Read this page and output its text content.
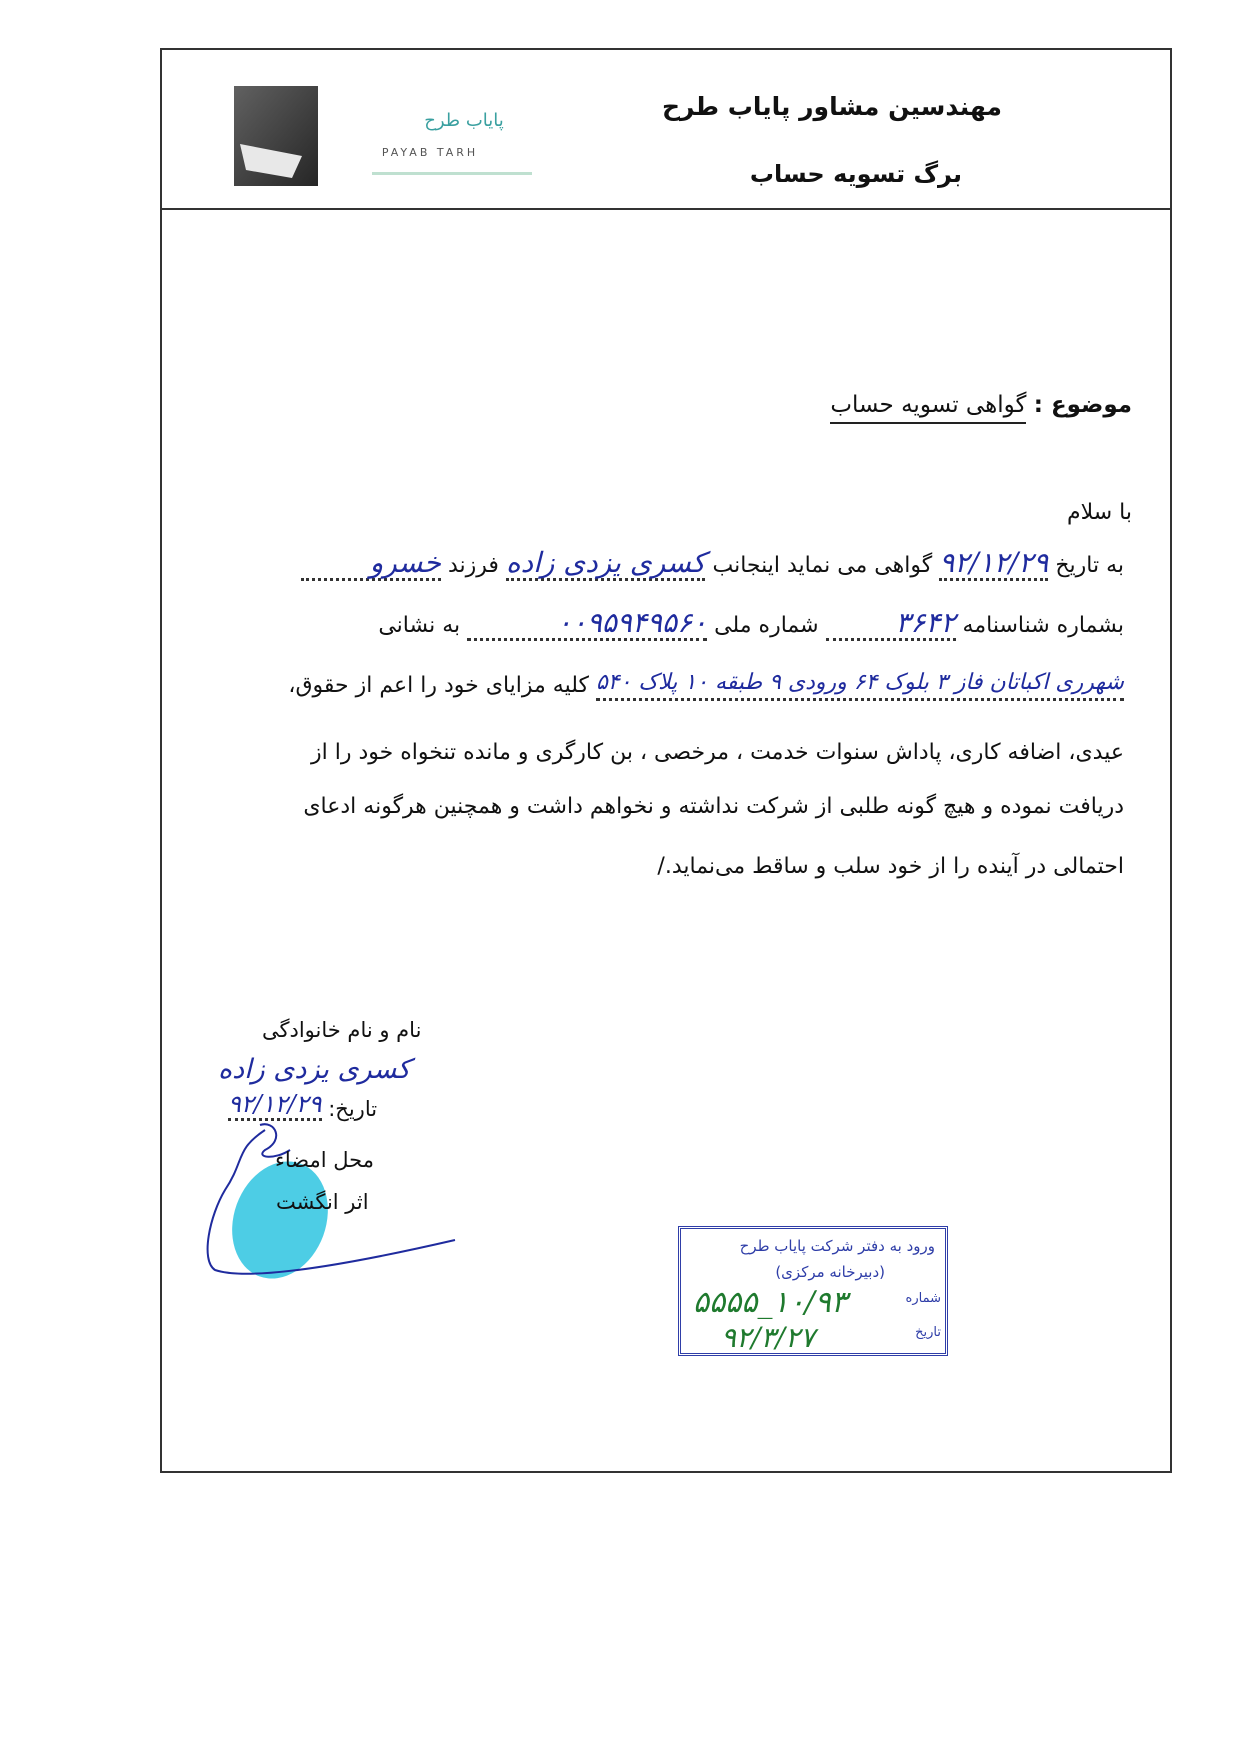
پایاب طرح
PAYAB TARH
مهندسین مشاور پایاب طرح
برگ تسویه حساب
موضوع : گواهی تسویه حساب
با سلام
به تاریخ ۹۲/۱۲/۲۹ گواهی می نماید اینجانب کسری یزدی زاده فرزند خسرو
بشماره شناسنامه ۳۶۴۲ شماره ملی ۰۰۹۵۹۴۹۵۶۰ به نشانی
شهرری اکباتان فاز ۳ بلوک ۶۴ ورودی ۹ طبقه ۱۰ پلاک ۵۴۰ کلیه مزایای خود را اعم از حقوق،
عیدی، اضافه کاری، پاداش سنوات خدمت ، مرخصی ، بن کارگری و مانده تنخواه خود را از
دریافت نموده و هیچ گونه طلبی از شرکت نداشته و نخواهم داشت و همچنین هرگونه ادعای
احتمالی در آینده را از خود سلب و ساقط می‌نماید./
نام و نام خانوادگی
کسری یزدی زاده
تاریخ: ۹۲/۱۲/۲۹
محل امضاء
اثر انگشت
ورود به دفتر شرکت پایاب طرح
(دبیرخانه مرکزی)
شماره
تاریخ
۱۰/۹۳_۵۵۵۵
۹۲/۳/۲۷
